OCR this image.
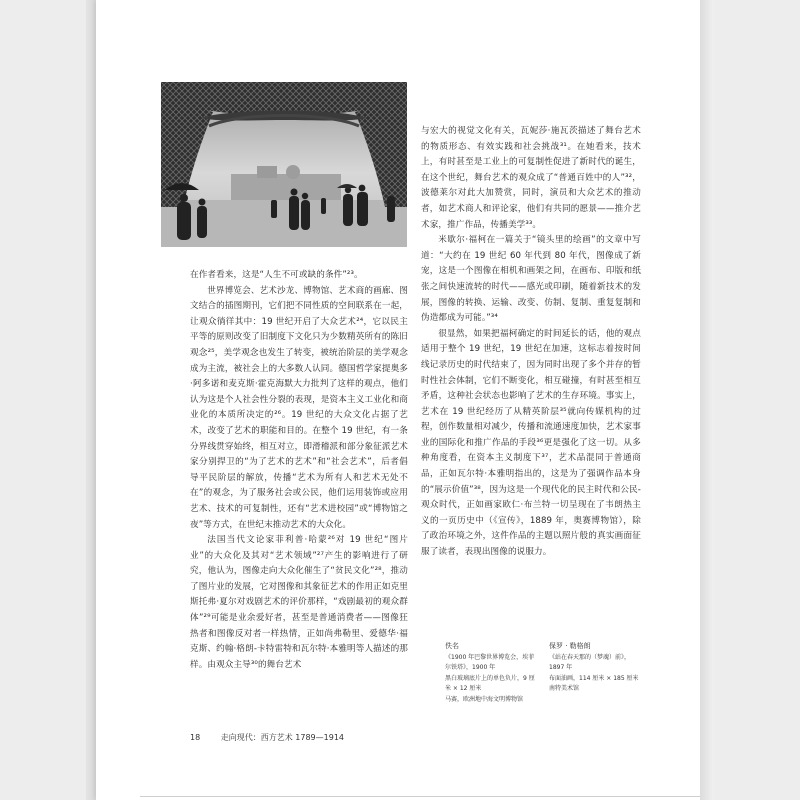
在作者看来，这是“人生不可或缺的条件”²³。

世界博览会、艺术沙龙、博物馆、艺术商的画廊、图文结合的插图期刊，它们把不同性质的空间联系在一起，让观众徜徉其中：19 世纪开启了大众艺术²⁴，它以民主平等的原则改变了旧制度下文化只为少数精英所有的陈旧观念²⁵，美学观念也发生了转变，被统治阶层的美学观念成为主流，被社会上的大多数人认同。德国哲学家提奥多·阿多诺和麦克斯·霍克海默大力批判了这样的观点，他们认为这是个人社会性分裂的表现，是资本主义工业化和商业化的本质所决定的²⁶。19 世纪的大众文化占据了艺术，改变了艺术的职能和目的。在整个 19 世纪，有一条分界线贯穿始终，相互对立，即滑稽派和部分象征派艺术家分别捍卫的“为了艺术的艺术”和“社会艺术”，后者倡导平民阶层的解放，传播“艺术为所有人和艺术无处不在”的观念，为了服务社会或公民，他们运用装饰或应用艺术、技术的可复制性，还有“艺术进校园”或“博物馆之夜”等方式，在世纪末推动艺术的大众化。

法国当代文论家菲利普·哈蒙²⁶对 19 世纪“图片业”的大众化及其对“艺术领域”²⁷产生的影响进行了研究，他认为，图像走向大众化催生了“贫民文化”²⁸，推动了图片业的发展，它对图像和其象征艺术的作用正如克里斯托弗·夏尔对戏剧艺术的评价那样，“戏剧最初的观众群体”²⁹可能是业余爱好者，甚至是普通消费者——图像狂热者和图像反对者一样热情，正如尚弗勒里、爱德华·福克斯、约翰·格朗-卡特雷特和瓦尔特·本雅明等人描述的那样。由观众主导³⁰的舞台艺术

与宏大的视觉文化有关，瓦妮莎·施瓦茨描述了舞台艺术的物质形态、有效实践和社会挑战³¹。在她看来，技术上，有时甚至是工业上的可复制性促进了新时代的诞生，在这个世纪，舞台艺术的观众成了“普通百姓中的人”³²，波德莱尔对此大加赞赏，同时，演员和大众艺术的推动者，如艺术商人和评论家，他们有共同的愿景——推介艺术家，推广作品，传播美学³³。

米歇尔·福柯在一篇关于“镜头里的绘画”的文章中写道：“大约在 19 世纪 60 年代到 80 年代，图像成了新宠，这是一个图像在相机和画架之间，在画布、印版和纸张之间快速流转的时代——感光或印刷，随着新技术的发展，图像的转换、运输、改变、仿制、复制、重复复制和伪造都成为可能。”³⁴

很显然，如果把福柯确定的时间延长的话，他的观点适用于整个 19 世纪，19 世纪在加速，这标志着按时间线记录历史的时代结束了，因为同时出现了多个并存的暂时性社会体制，它们不断变化，相互碰撞，有时甚至相互矛盾，这种社会状态也影响了艺术的生存环境。事实上，艺术在 19 世纪经历了从精英阶层³⁵就向传媒机构的过程，创作数量相对减少，传播和流通速度加快，艺术家事业的国际化和推广作品的手段³⁶更是强化了这一切。从多种角度看，在资本主义制度下³⁷，艺术品混同于普通商品，正如瓦尔特·本雅明指出的，这是为了强调作品本身的“展示价值”³⁸，因为这是一个现代化的民主时代和公民-观众时代，正如画家欧仁·布兰特一切呈现在了韦朗热主义的一页历史中（《宣传》，1889 年，奥赛博物馆），除了政治环境之外，这件作品的主题以照片般的真实画面征服了读者，表现出图像的说服力。

佚名
《1900 年巴黎世界博览会，埃菲尔铁塔》，1900 年
黑白玻璃底片上的单色负片，9 厘米 × 12 厘米
马赛，欧洲地中海文明博物馆
保罗 · 勒格朗
《站在春天那的（梦魂）前》，
1897 年
布面油画，114 厘米 × 185 厘米
南特美术馆
18	走向现代：西方艺术 1789—1914
